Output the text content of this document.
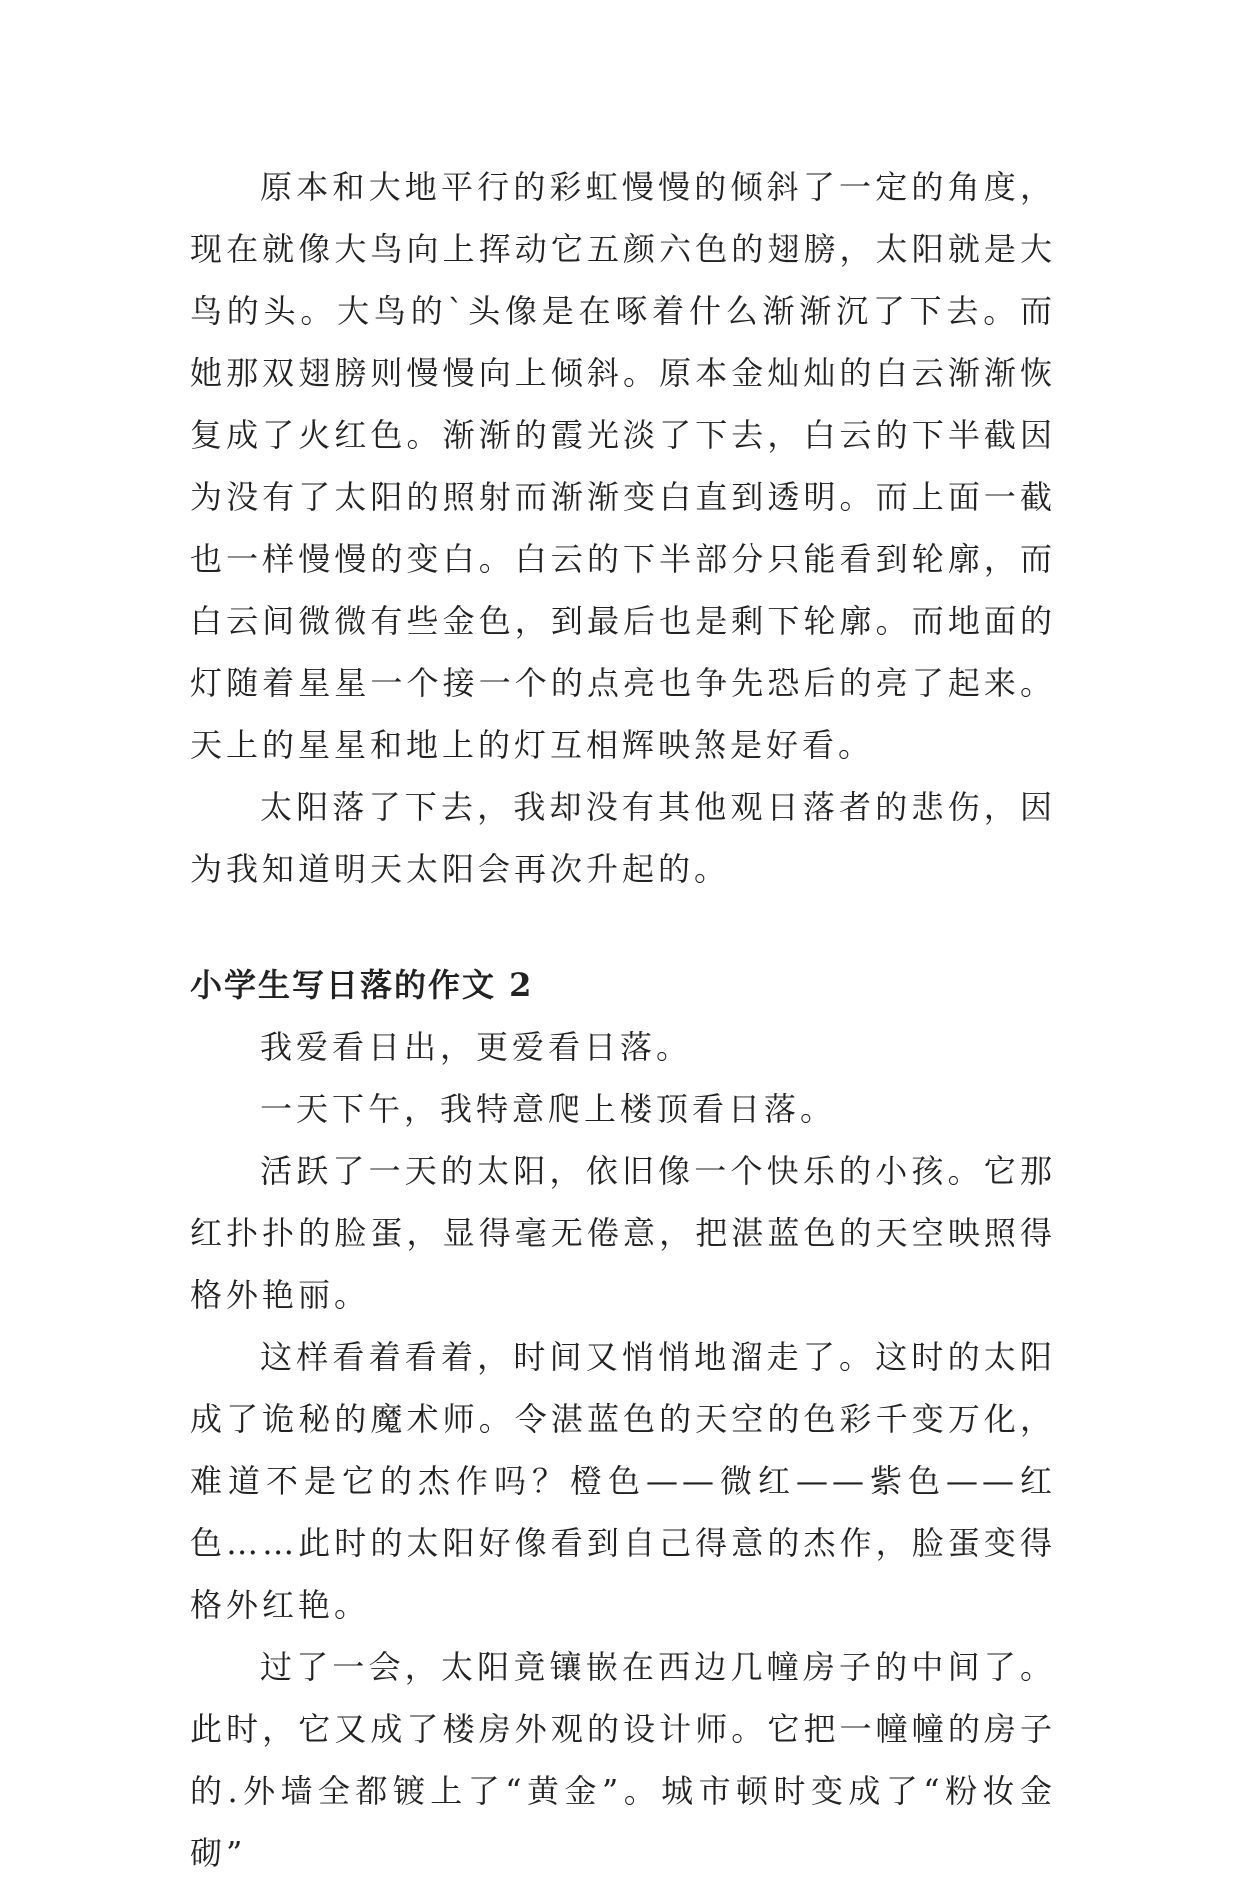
原本和大地平行的彩虹慢慢的倾斜了一定的角度，现在就像大鸟向上挥动它五颜六色的翅膀，太阳就是大鸟的头。大鸟的`头像是在啄着什么渐渐沉了下去。而她那双翅膀则慢慢向上倾斜。原本金灿灿的白云渐渐恢复成了火红色。渐渐的霞光淡了下去，白云的下半截因为没有了太阳的照射而渐渐变白直到透明。而上面一截也一样慢慢的变白。白云的下半部分只能看到轮廓，而白云间微微有些金色，到最后也是剩下轮廓。而地面的灯随着星星一个接一个的点亮也争先恐后的亮了起来。天上的星星和地上的灯互相辉映煞是好看。

太阳落了下去，我却没有其他观日落者的悲伤，因为我知道明天太阳会再次升起的。

小学生写日落的作文 2

我爱看日出，更爱看日落。

一天下午，我特意爬上楼顶看日落。

活跃了一天的太阳，依旧像一个快乐的小孩。它那红扑扑的脸蛋，显得毫无倦意，把湛蓝色的天空映照得格外艳丽。

这样看着看着，时间又悄悄地溜走了。这时的太阳成了诡秘的魔术师。令湛蓝色的天空的色彩千变万化，难道不是它的杰作吗？橙色——微红——紫色——红色……此时的太阳好像看到自己得意的杰作，脸蛋变得格外红艳。

过了一会，太阳竟镶嵌在西边几幢房子的中间了。此时，它又成了楼房外观的设计师。它把一幢幢的房子的.外墙全都镀上了“黄金”。城市顿时变成了“粉妆金砌”
